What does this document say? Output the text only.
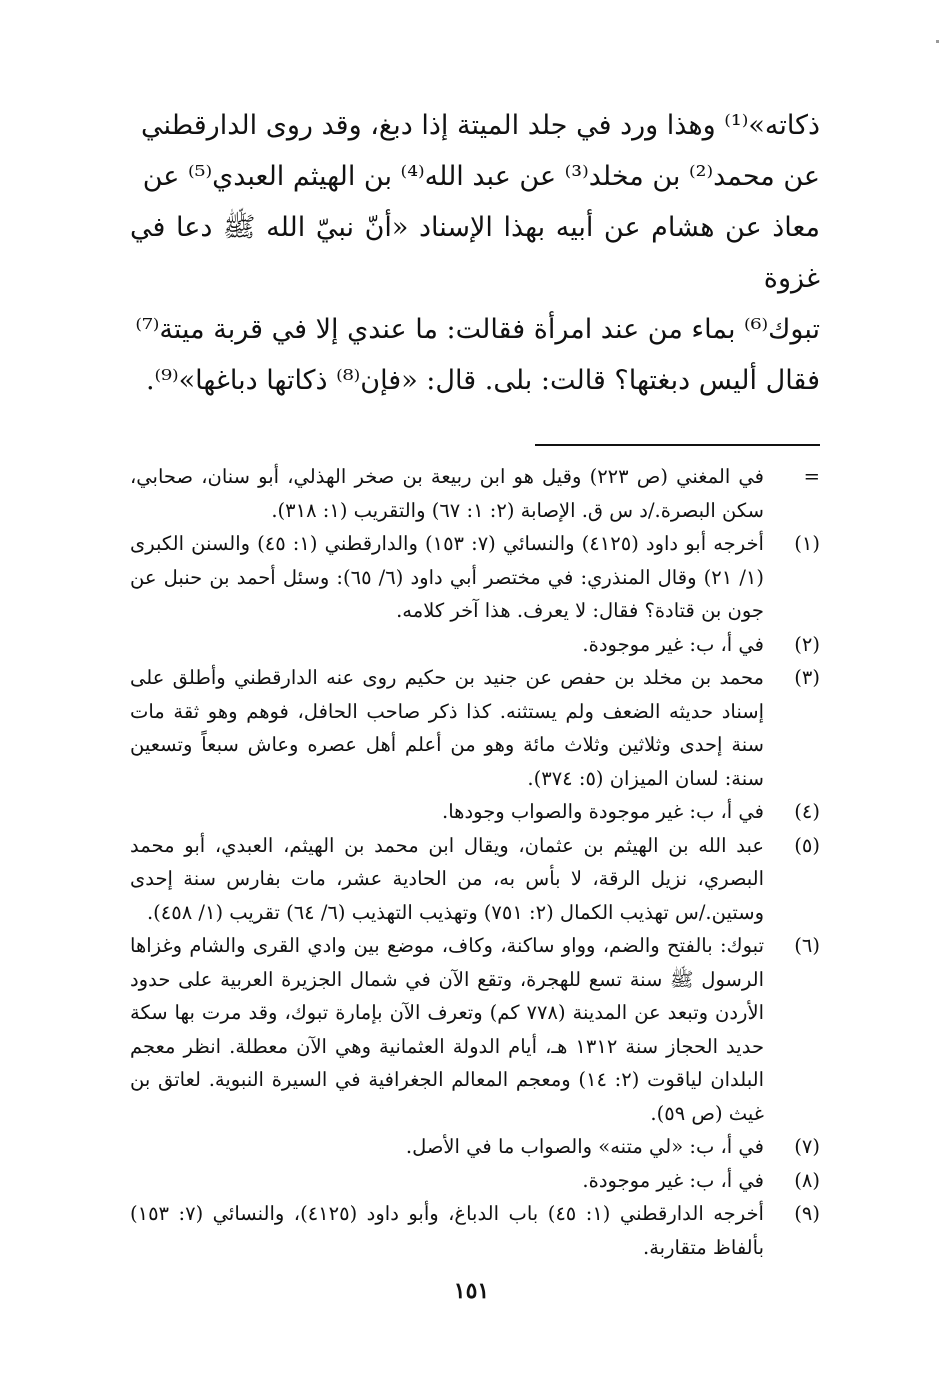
ذكاته»⁽¹⁾ وهذا ورد في جلد الميتة إذا دبغ، وقد روى الدارقطني

عن محمد⁽²⁾ بن مخلد⁽³⁾ عن عبد الله⁽⁴⁾ بن الهيثم العبدي⁽⁵⁾ عن

معاذ عن هشام عن أبيه بهذا الإسناد «أنّ نبيّ الله ﷺ دعا في غزوة

تبوك⁽⁶⁾ بماء من عند امرأة فقالت: ما عندي إلا في قربة ميتة⁽⁷⁾

فقال أليس دبغتها؟ قالت: بلى. قال: «فإن⁽⁸⁾ ذكاتها دباغها»⁽⁹⁾.

=
في المغني (ص ٢٢٣) وقيل هو ابن ربيعة بن صخر الهذلي، أبو سنان، صحابي، سكن البصرة./د س ق. الإصابة (٢: ١: ٦٧) والتقريب (١: ٣١٨).
(١)
أخرجه أبو داود (٤١٢٥) والنسائي (٧: ١٥٣) والدارقطني (١: ٤٥) والسنن الكبرى (١/ ٢١) وقال المنذري: في مختصر أبي داود (٦/ ٦٥): وسئل أحمد بن حنبل عن جون بن قتادة؟ فقال: لا يعرف. هذا آخر كلامه.
(٢)
في أ، ب: غير موجودة.
(٣)
محمد بن مخلد بن حفص عن جنيد بن حكيم روى عنه الدارقطني وأطلق على إسناد حديثه الضعف ولم يستثنه. كذا ذكر صاحب الحافل، فوهم وهو ثقة مات سنة إحدى وثلاثين وثلاث مائة وهو من أعلم أهل عصره وعاش سبعاً وتسعين سنة: لسان الميزان (٥: ٣٧٤).
(٤)
في أ، ب: غير موجودة والصواب وجودها.
(٥)
عبد الله بن الهيثم بن عثمان، ويقال ابن محمد بن الهيثم، العبدي، أبو محمد البصري، نزيل الرقة، لا بأس به، من الحادية عشر، مات بفارس سنة إحدى وستين./س تهذيب الكمال (٢: ٧٥١) وتهذيب التهذيب (٦/ ٦٤) تقريب (١/ ٤٥٨).
(٦)
تبوك: بالفتح والضم، وواو ساكنة، وكاف، موضع بين وادي القرى والشام وغزاها الرسول ﷺ سنة تسع للهجرة، وتقع الآن في شمال الجزيرة العربية على حدود الأردن وتبعد عن المدينة (٧٧٨ كم) وتعرف الآن بإمارة تبوك، وقد مرت بها سكة حديد الحجاز سنة ١٣١٢ هـ، أيام الدولة العثمانية وهي الآن معطلة. انظر معجم البلدان لياقوت (٢: ١٤) ومعجم المعالم الجغرافية في السيرة النبوية. لعاتق بن غيث (ص ٥٩).
(٧)
في أ، ب: «لي متنه» والصواب ما في الأصل.
(٨)
في أ، ب: غير موجودة.
(٩)
أخرجه الدارقطني (١: ٤٥) باب الدباغ، وأبو داود (٤١٢٥)، والنسائي (٧: ١٥٣) بألفاظ متقاربة.
١٥١
